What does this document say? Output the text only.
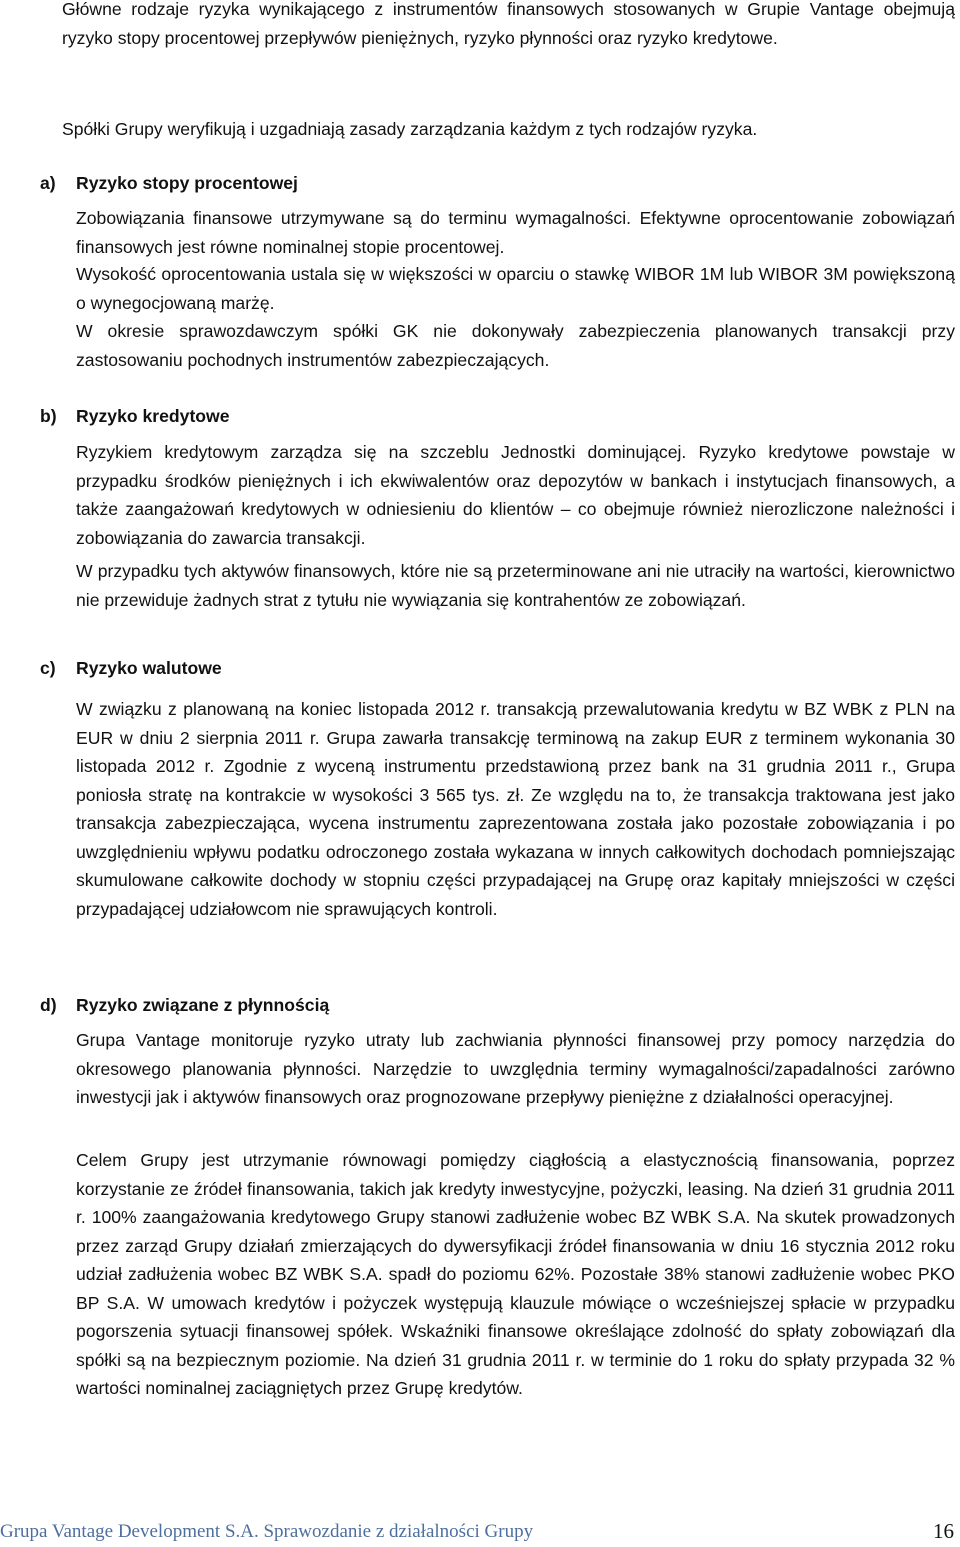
Główne rodzaje ryzyka wynikającego z instrumentów finansowych stosowanych w Grupie Vantage obejmują ryzyko stopy procentowej przepływów pieniężnych, ryzyko płynności oraz ryzyko kredytowe.

Spółki Grupy weryfikują i uzgadniają zasady zarządzania każdym z tych rodzajów ryzyka.

a) Ryzyko stopy procentowej

Zobowiązania finansowe utrzymywane są do terminu wymagalności. Efektywne oprocentowanie zobowiązań finansowych jest równe nominalnej stopie procentowej.

Wysokość oprocentowania ustala się w większości w oparciu o stawkę WIBOR 1M lub WIBOR 3M powiększoną o wynegocjowaną marżę.

W okresie sprawozdawczym spółki GK nie dokonywały zabezpieczenia planowanych transakcji przy zastosowaniu pochodnych instrumentów zabezpieczających.

b) Ryzyko kredytowe

Ryzykiem kredytowym zarządza się na szczeblu Jednostki dominującej. Ryzyko kredytowe powstaje w przypadku środków pieniężnych i ich ekwiwalentów oraz depozytów w bankach i instytucjach finansowych, a także zaangażowań kredytowych w odniesieniu do klientów – co obejmuje również nierozliczone należności i zobowiązania do zawarcia transakcji.

W przypadku tych aktywów finansowych, które nie są przeterminowane ani nie utraciły na wartości, kierownictwo nie przewiduje żadnych strat z tytułu nie wywiązania się kontrahentów ze zobowiązań.

c) Ryzyko walutowe

W związku z planowaną na koniec listopada 2012 r. transakcją przewalutowania kredytu w BZ WBK z PLN na EUR w dniu 2 sierpnia 2011 r. Grupa zawarła transakcję terminową na zakup EUR z terminem wykonania 30 listopada 2012 r. Zgodnie z wyceną instrumentu przedstawioną przez bank na 31 grudnia 2011 r., Grupa poniosła stratę na kontrakcie w wysokości 3 565 tys. zł. Ze względu na to, że transakcja traktowana jest jako transakcja zabezpieczająca, wycena instrumentu zaprezentowana została jako pozostałe zobowiązania i po uwzględnieniu wpływu podatku odroczonego została wykazana w innych całkowitych dochodach pomniejszając skumulowane całkowite dochody w stopniu części przypadającej na Grupę oraz kapitały mniejszości w części przypadającej udziałowcom nie sprawujących kontroli.

d) Ryzyko związane z płynnością

Grupa Vantage monitoruje ryzyko utraty lub zachwiania płynności finansowej przy pomocy narzędzia do okresowego planowania płynności. Narzędzie to uwzględnia terminy wymagalności/zapadalności zarówno inwestycji jak i aktywów finansowych oraz prognozowane przepływy pieniężne z działalności operacyjnej.

Celem Grupy jest utrzymanie równowagi pomiędzy ciągłością a elastycznością finansowania, poprzez korzystanie ze źródeł finansowania, takich jak kredyty inwestycyjne, pożyczki, leasing. Na dzień 31 grudnia 2011 r. 100% zaangażowania kredytowego Grupy stanowi zadłużenie wobec BZ WBK S.A. Na skutek prowadzonych przez zarząd Grupy działań zmierzających do dywersyfikacji źródeł finansowania w dniu 16 stycznia 2012 roku udział zadłużenia wobec BZ WBK S.A. spadł do poziomu 62%. Pozostałe 38% stanowi zadłużenie wobec PKO BP S.A. W umowach kredytów i pożyczek występują klauzule mówiące o wcześniejszej spłacie w przypadku pogorszenia sytuacji finansowej spółek. Wskaźniki finansowe określające zdolność do spłaty zobowiązań dla spółki są na bezpiecznym poziomie. Na dzień 31 grudnia 2011 r. w terminie do 1 roku do spłaty przypada 32 % wartości nominalnej zaciągniętych przez Grupę kredytów.

Grupa Vantage Development S.A. Sprawozdanie z działalności Grupy	16
